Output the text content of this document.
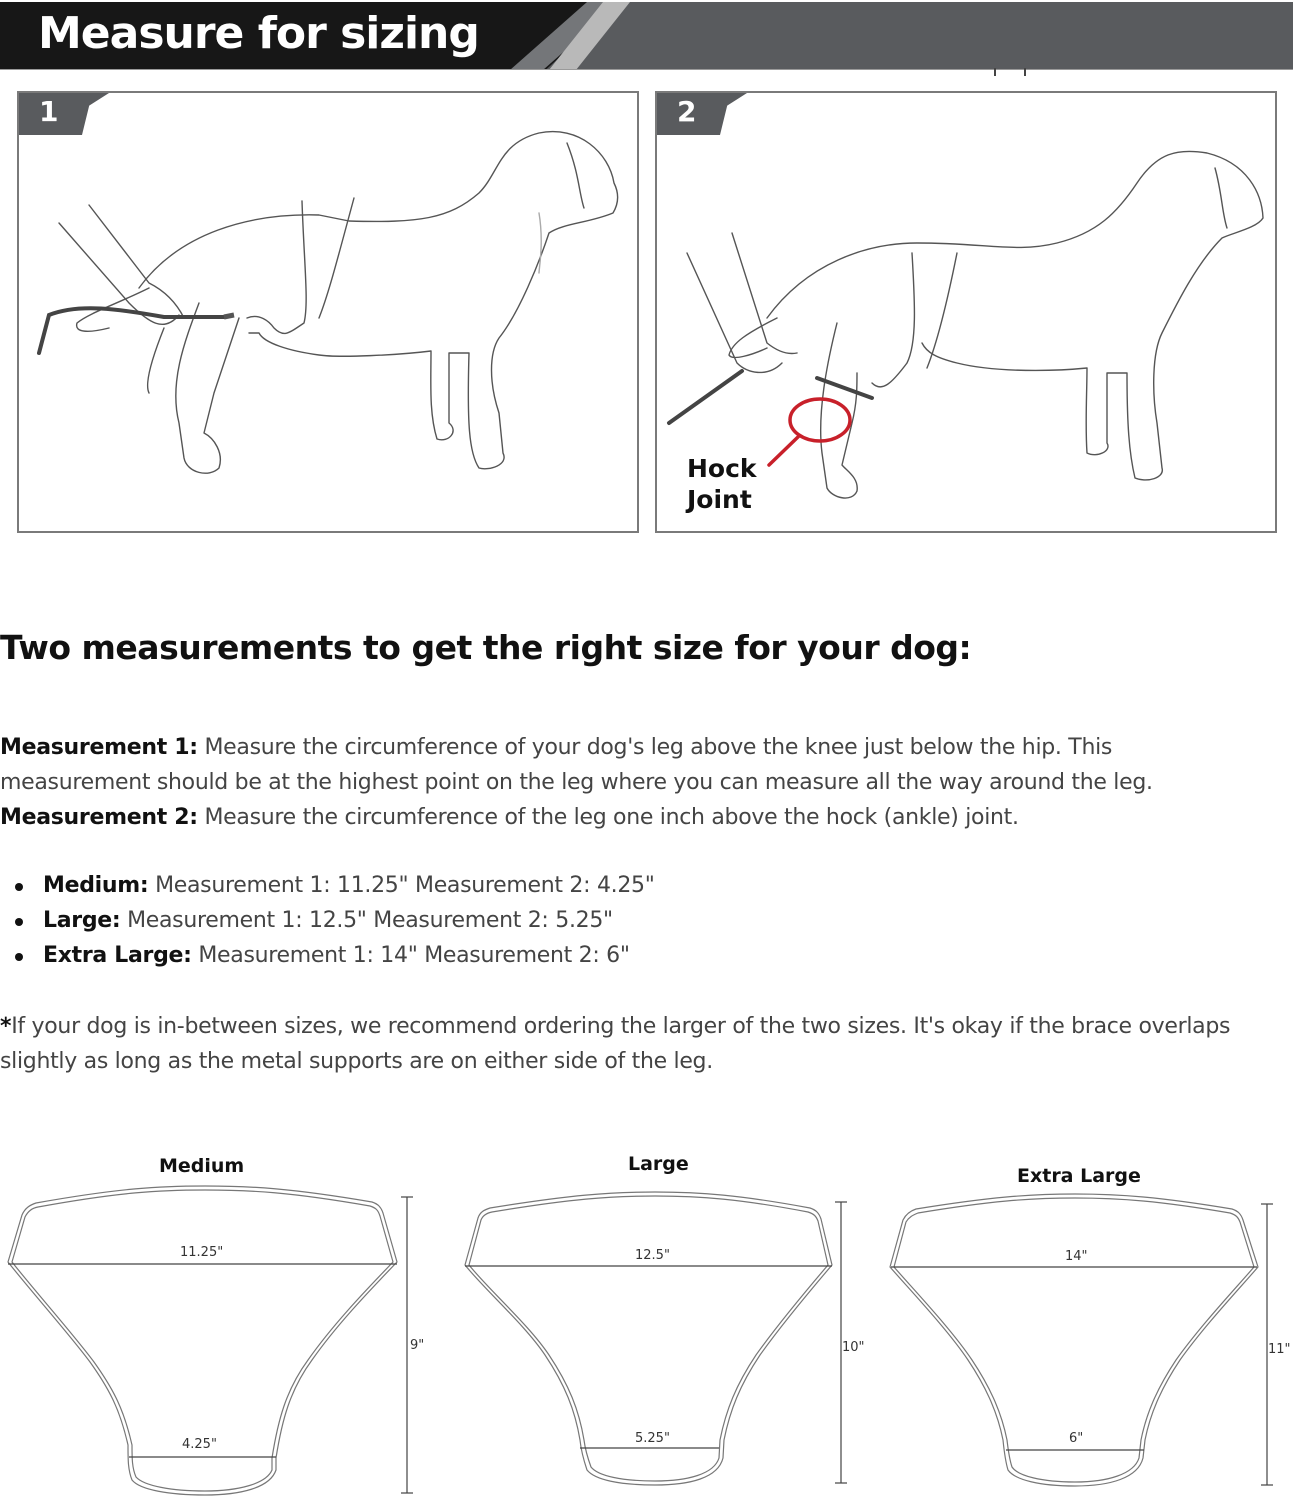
Measure for sizing
1	2
Hock
Joint
Two measurements to get the right size for your dog:
Measurement 1: Measure the circumference of your dog's leg above the knee just below the hip. This
measurement should be at the highest point on the leg where you can measure all the way around the leg.
Measurement 2: Measure the circumference of the leg one inch above the hock (ankle) joint.
Medium: Measurement 1: 11.25" Measurement 2: 4.25"
Large: Measurement 1: 12.5" Measurement 2: 5.25"
Extra Large: Measurement 1: 14" Measurement 2: 6"
*If your dog is in-between sizes, we recommend ordering the larger of the two sizes. It's okay if the brace overlaps
slightly as long as the metal supports are on either side of the leg.
Medium
11.25"
4.25"
9"
Large
12.5"
5.25"
10"
Extra Large
14"
6"
11"
